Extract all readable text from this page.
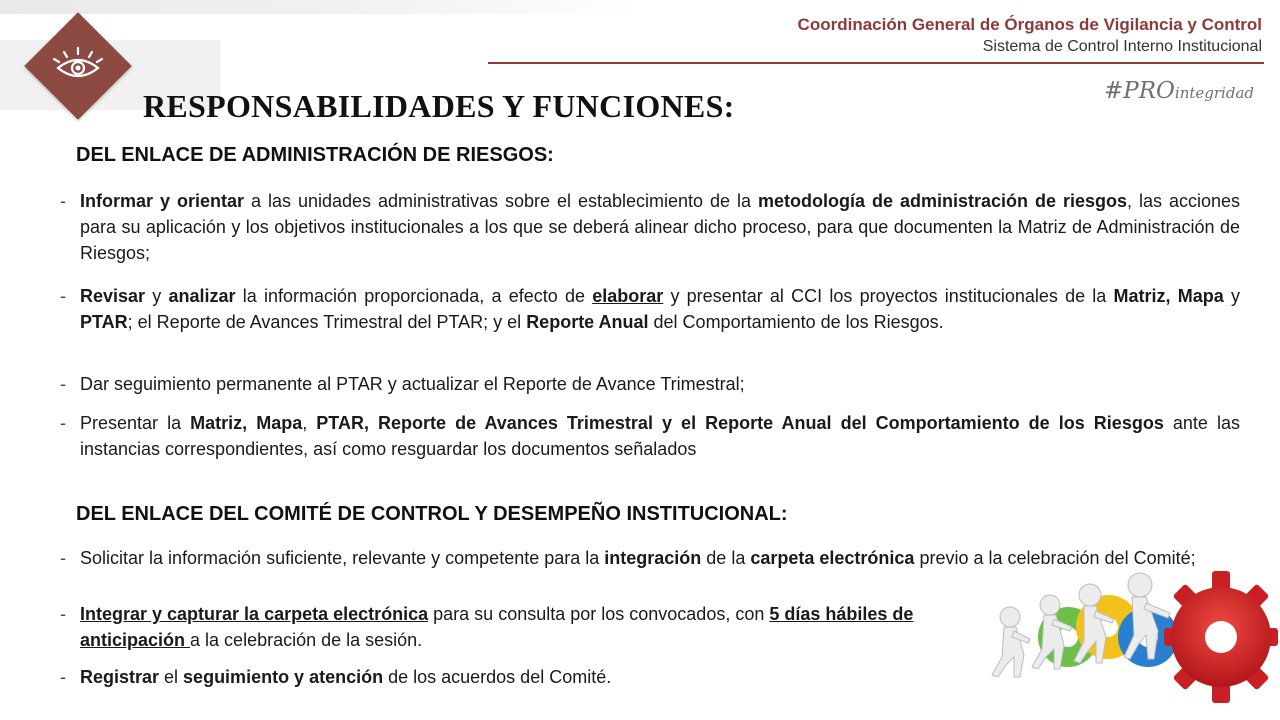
Coordinación General de Órganos de Vigilancia y Control
Sistema de Control Interno Institucional
#PROintegridad
RESPONSABILIDADES Y FUNCIONES:
DEL ENLACE DE ADMINISTRACIÓN DE RIESGOS:
- Informar y orientar a las unidades administrativas sobre el establecimiento de la metodología de administración de riesgos, las acciones para su aplicación y los objetivos institucionales a los que se deberá alinear dicho proceso, para que documenten la Matriz de Administración de Riesgos;
- Revisar y analizar la información proporcionada, a efecto de elaborar y presentar al CCI los proyectos institucionales de la Matriz, Mapa y PTAR; el Reporte de Avances Trimestral del PTAR; y el Reporte Anual del Comportamiento de los Riesgos.
- Dar seguimiento permanente al PTAR y actualizar el Reporte de Avance Trimestral;
- Presentar la Matriz, Mapa, PTAR, Reporte de Avances Trimestral y el Reporte Anual del Comportamiento de los Riesgos ante las instancias correspondientes, así como resguardar los documentos señalados
DEL ENLACE DEL COMITÉ DE CONTROL Y DESEMPEÑO INSTITUCIONAL:
- Solicitar la información suficiente, relevante y competente para la integración de la carpeta electrónica previo a la celebración del Comité;
- Integrar y capturar la carpeta electrónica para su consulta por los convocados, con 5 días hábiles de anticipación a la celebración de la sesión.
- Registrar el seguimiento y atención de los acuerdos del Comité.
